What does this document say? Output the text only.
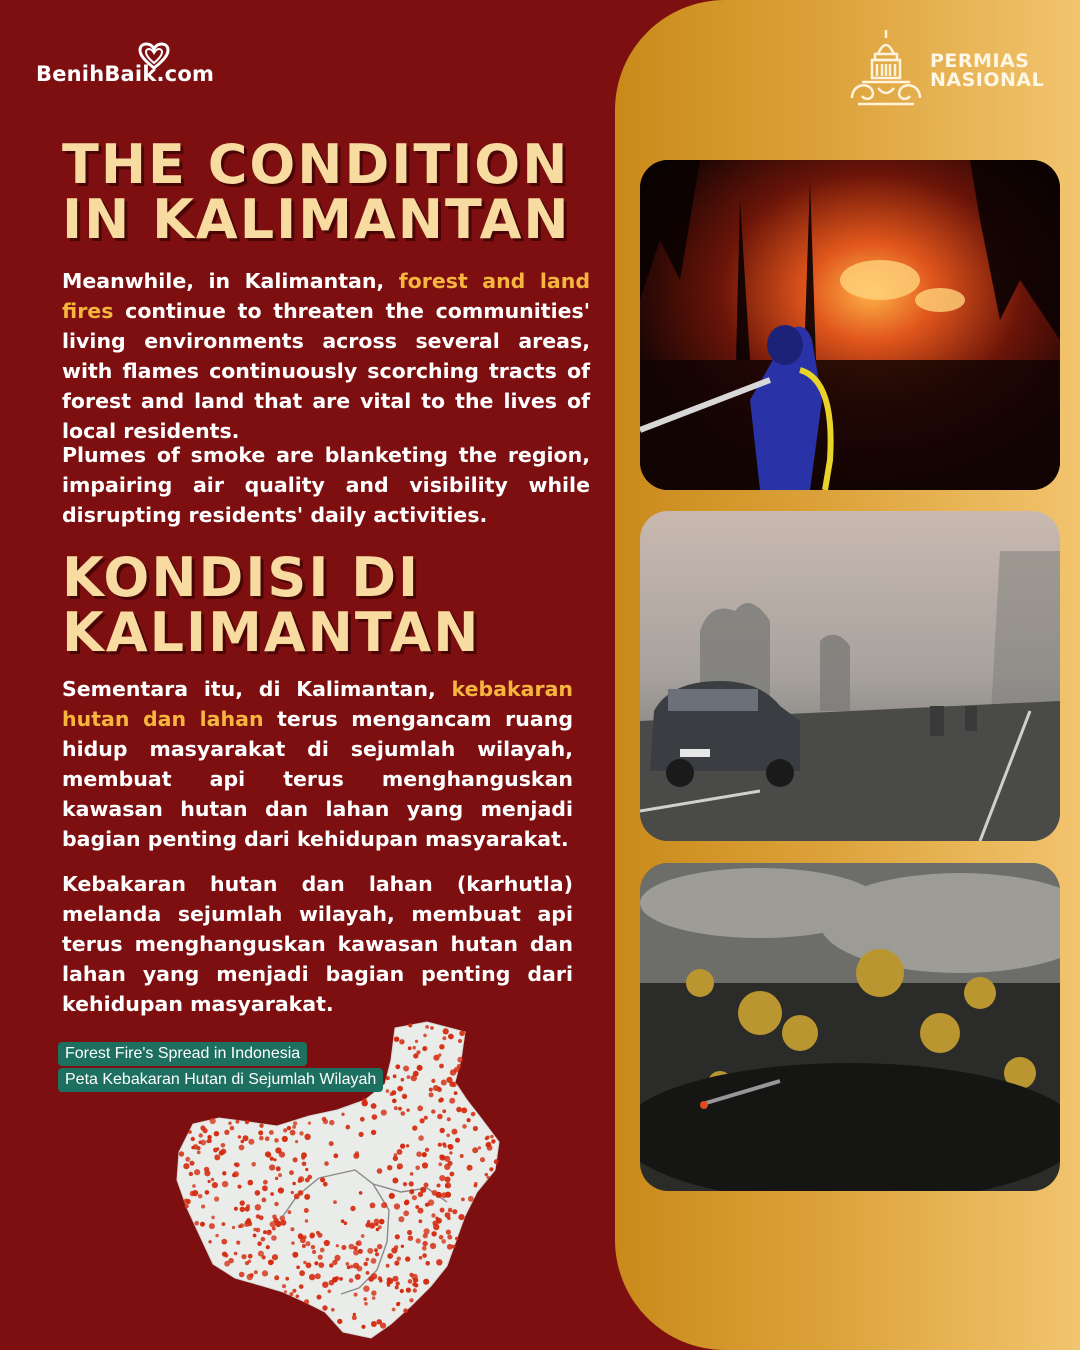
BenihBaik.com
PERMIAS
NASIONAL
THE CONDITION
IN KALIMANTAN

Meanwhile, in Kalimantan, forest and land fires continue to threaten the communities' living environments across several areas, with flames continuously scorching tracts of forest and land that are vital to the lives of local residents.

Plumes of smoke are blanketing the region, impairing air quality and visibility while disrupting residents' daily activities.

KONDISI DI
KALIMANTAN

Sementara itu, di Kalimantan, kebakaran hutan dan lahan terus mengancam ruang hidup masyarakat di sejumlah wilayah, membuat api terus menghanguskan kawasan hutan dan lahan yang menjadi bagian penting dari kehidupan masyarakat.

Kebakaran hutan dan lahan (karhutla) melanda sejumlah wilayah, membuat api terus menghanguskan kawasan hutan dan lahan yang menjadi bagian penting dari kehidupan masyarakat.

Forest Fire's Spread in Indonesia
Peta Kebakaran Hutan di Sejumlah Wilayah
